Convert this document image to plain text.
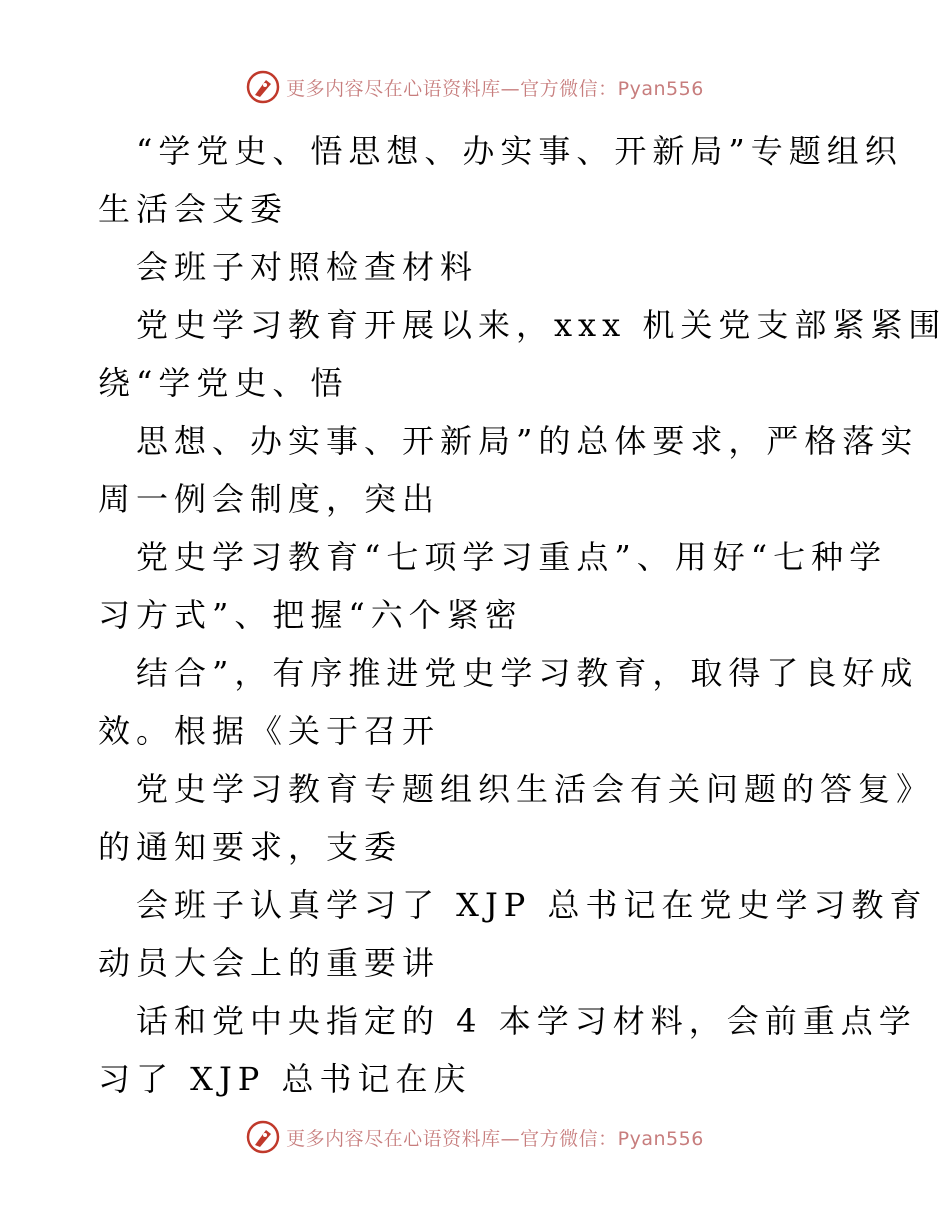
更多内容尽在心语资料库—官方微信：Pyan556
“学党史、悟思想、办实事、开新局”专题组织
生活会支委
会班子对照检查材料
党史学习教育开展以来，xxx 机关党支部紧紧围
绕“学党史、悟
思想、办实事、开新局”的总体要求，严格落实
周一例会制度，突出
党史学习教育“七项学习重点”、用好“七种学
习方式”、把握“六个紧密
结合”，有序推进党史学习教育，取得了良好成
效。根据《关于召开
党史学习教育专题组织生活会有关问题的答复》
的通知要求，支委
会班子认真学习了 XJP 总书记在党史学习教育
动员大会上的重要讲
话和党中央指定的 4 本学习材料，会前重点学
习了 XJP 总书记在庆
更多内容尽在心语资料库—官方微信：Pyan556
